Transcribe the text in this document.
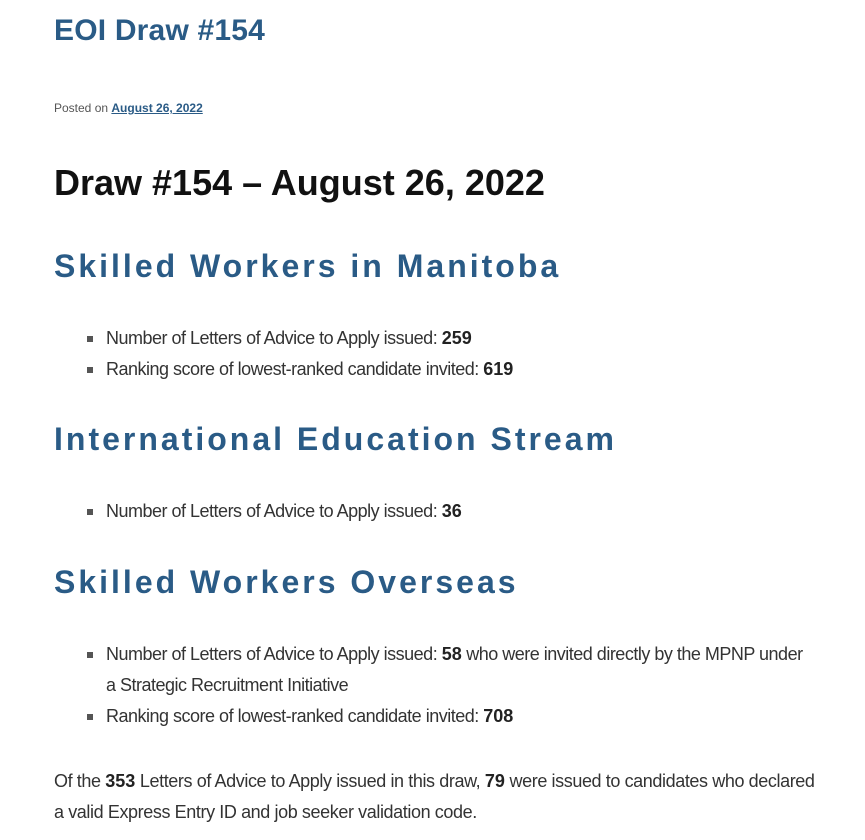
EOI Draw #154
Posted on August 26, 2022
Draw #154 – August 26, 2022
Skilled Workers in Manitoba
Number of Letters of Advice to Apply issued: 259
Ranking score of lowest-ranked candidate invited: 619
International Education Stream
Number of Letters of Advice to Apply issued: 36
Skilled Workers Overseas
Number of Letters of Advice to Apply issued: 58 who were invited directly by the MPNP under a Strategic Recruitment Initiative
Ranking score of lowest-ranked candidate invited: 708

Of the 353 Letters of Advice to Apply issued in this draw, 79 were issued to candidates who declared a valid Express Entry ID and job seeker validation code.
